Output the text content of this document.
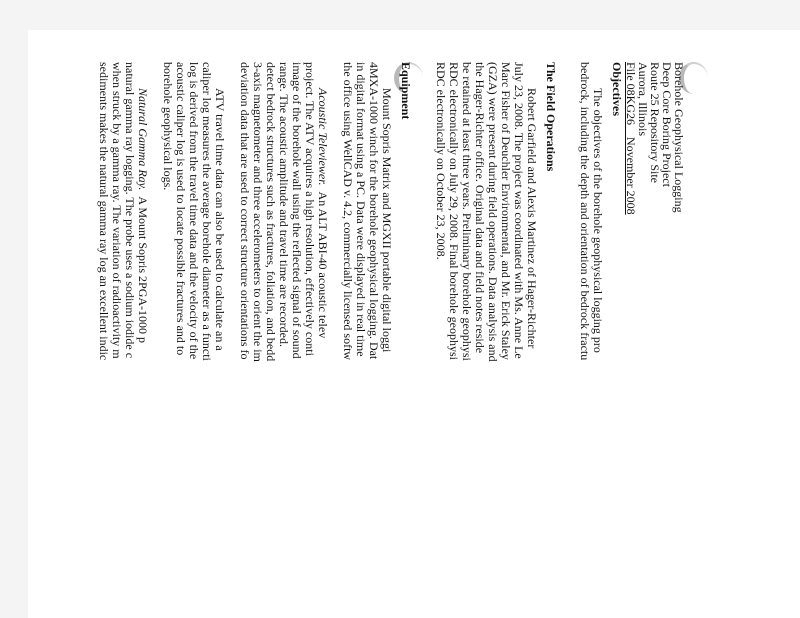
Borehole Geophysical Logging
Deep Core Boring Project
Route 25 Repository Site
Aurora, Illinois
File 08KG26    November 2008
Objectives
The objectives of the borehole geophysical logging pro
bedrock, including the depth and orientation of bedrock fractu
The Field Operations
Robert Garfield and Alexis Martinez of Hager-Richter
July 23, 2008. The project was coordinated with Ms. Anne Le
Marc Fisher of Deuchler Environmental, and Mr. Erick Staley
(GZA) were present during field operations. Data analysis and
the Hager-Richter office. Original data and field notes reside
be retained at least three years. Preliminary borehole geophysi
RDC electronically on July 29, 2008. Final borehole geophysi
RDC electronically on October 23, 2008.
Equipment
Mount Sopris Matrix and MGXII portable digital loggi
4MXA-1000 winch for the borehole geophysical logging. Dat
in digital format using a PC. Data were displayed in real time
the office using WellCAD v. 4.2, commercially licensed softw
Acoustic Televiewer.  An ALT ABI-40 acoustic telev
project. The ATV acquires a high resolution, effectively conti
image of the borehole wall using the reflected signal of sound
range. The acoustic amplitude and travel time are recorded.
detect bedrock structures such as fractures, foliation, and bedd
3-axis magnetometer and three accelerometers to orient the im
deviation data that are used to correct structure orientations fo
ATV travel time data can also be used to calculate an a
caliper log measures the average borehole diameter as a functi
log is derived from the travel time data and the velocity of the
acoustic caliper log is used to locate possible fractures and to
borehole geophysical logs.
Natural Gamma Ray.  A Mount Sopris 2PGA-1000 p
natural gamma ray logging. The probe uses a sodium iodide c
when struck by a gamma ray. The variation of radioactivity m
sediments makes the natural gamma ray log an excellent indic
